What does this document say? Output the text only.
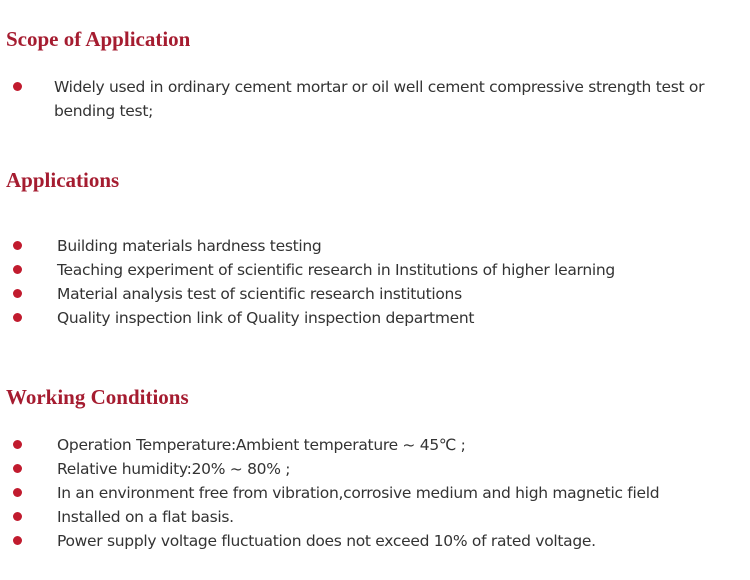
Scope of Application
Widely used in ordinary cement mortar or oil well cement compressive strength test or bending test;
Applications
Building materials hardness testing
Teaching experiment of scientific research in Institutions of higher learning
Material analysis test of scientific research institutions
Quality inspection link of Quality inspection department
Working Conditions
Operation Temperature:Ambient temperature ~ 45℃ ;
Relative humidity:20% ~ 80% ;
In an environment free from vibration,corrosive medium and high magnetic field
Installed on a flat basis.
Power supply voltage fluctuation does not exceed 10% of rated voltage.
